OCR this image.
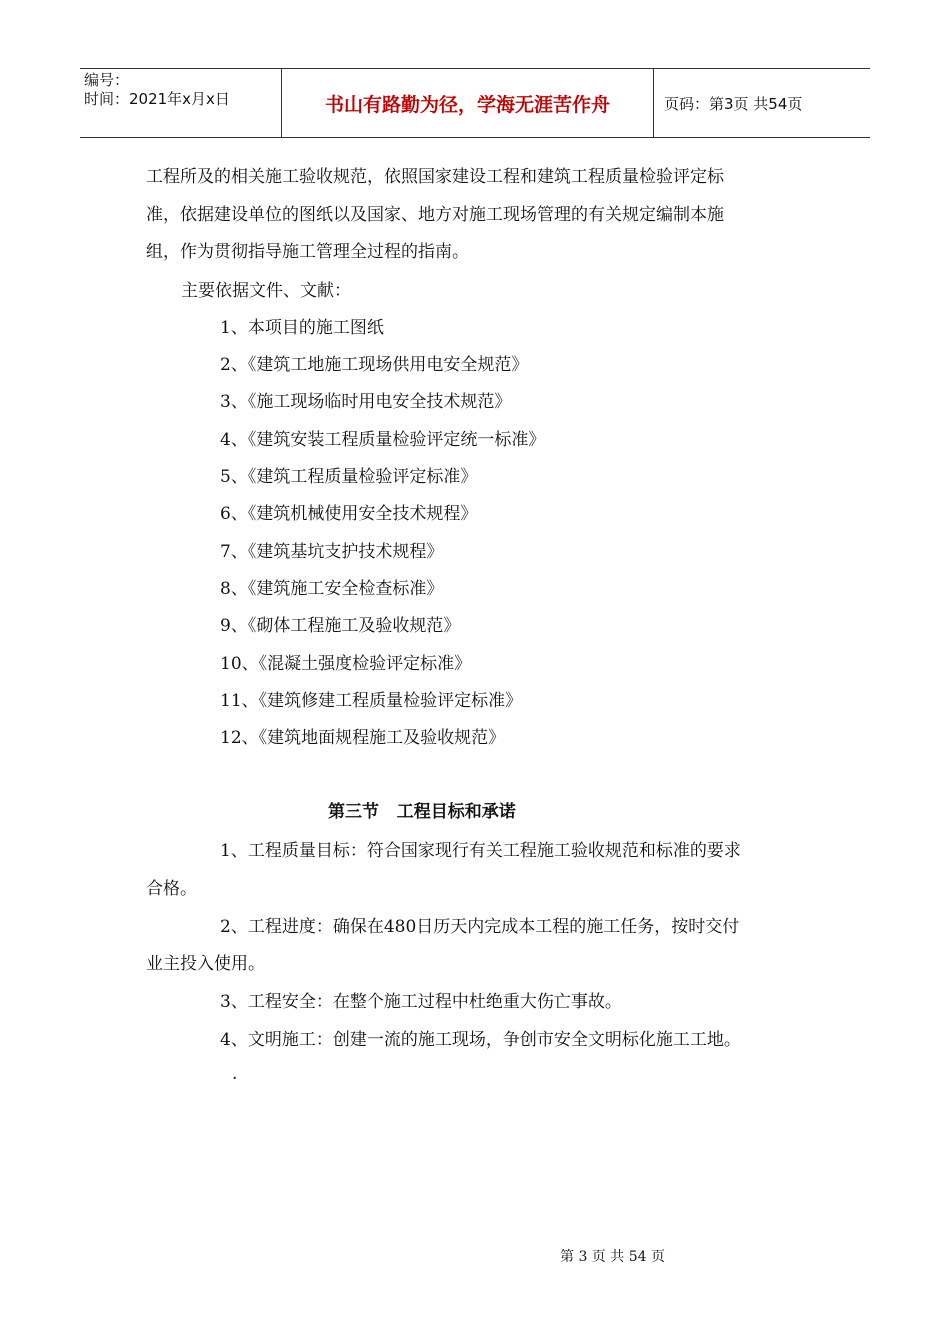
编号：
时间：2021年x月x日	书山有路勤为径，学海无涯苦作舟	页码：第3页 共54页
工程所及的相关施工验收规范，依照国家建设工程和建筑工程质量检验评定标
准，依据建设单位的图纸以及国家、地方对施工现场管理的有关规定编制本施
组，作为贯彻指导施工管理全过程的指南。
主要依据文件、文献：
1、本项目的施工图纸
2、《建筑工地施工现场供用电安全规范》
3、《施工现场临时用电安全技术规范》
4、《建筑安装工程质量检验评定统一标准》
5、《建筑工程质量检验评定标准》
6、《建筑机械使用安全技术规程》
7、《建筑基坑支护技术规程》
8、《建筑施工安全检查标准》
9、《砌体工程施工及验收规范》
10、《混凝土强度检验评定标准》
11、《建筑修建工程质量检验评定标准》
12、《建筑地面规程施工及验收规范》
第三节   工程目标和承诺
1、工程质量目标：符合国家现行有关工程施工验收规范和标准的要求
合格。
2、工程进度：确保在480日历天内完成本工程的施工任务，按时交付
业主投入使用。
3、工程安全：在整个施工过程中杜绝重大伤亡事故。
4、文明施工：创建一流的施工现场，争创市安全文明标化施工工地。
.
第 3 页 共 54 页
